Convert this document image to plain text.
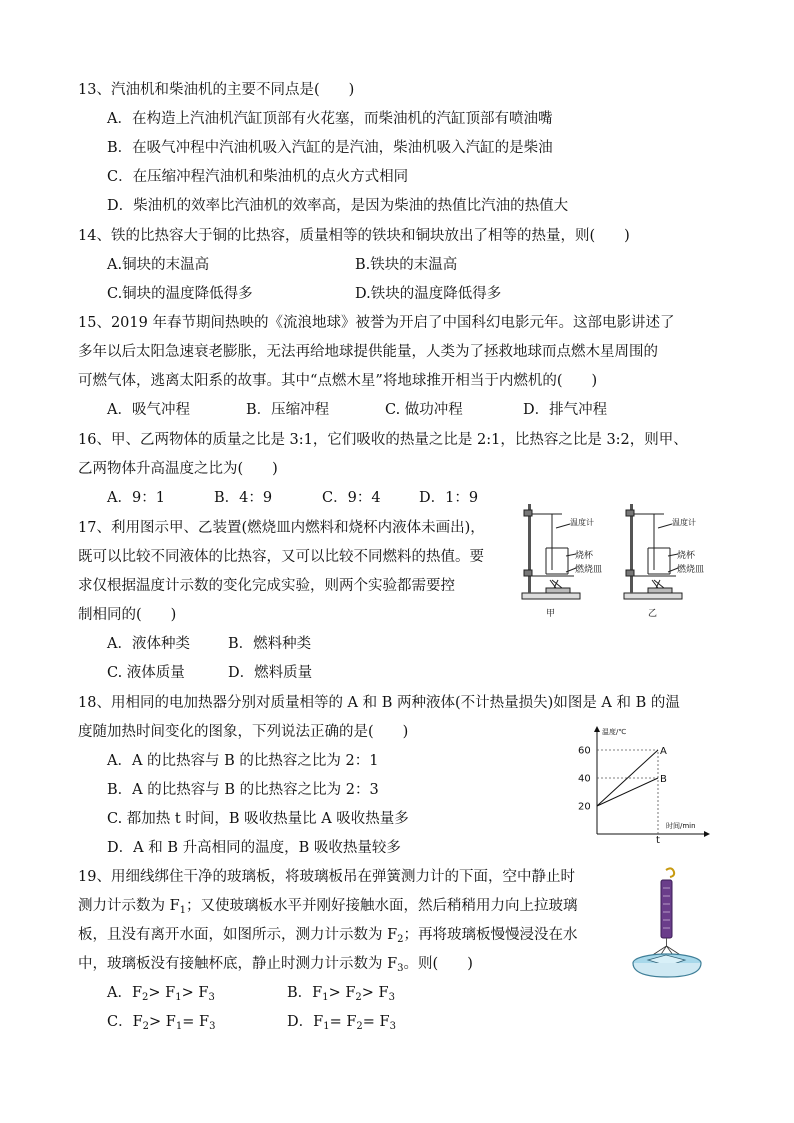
13、汽油机和柴油机的主要不同点是(　　)
A．在构造上汽油机汽缸顶部有火花塞，而柴油机的汽缸顶部有喷油嘴
B．在吸气冲程中汽油机吸入汽缸的是汽油，柴油机吸入汽缸的是柴油
C．在压缩冲程汽油机和柴油机的点火方式相同
D．柴油机的效率比汽油机的效率高，是因为柴油的热值比汽油的热值大
14、铁的比热容大于铜的比热容，质量相等的铁块和铜块放出了相等的热量，则(　　)
A.铜块的末温高	B.铁块的末温高
C.铜块的温度降低得多	D.铁块的温度降低得多
15、2019 年春节期间热映的《流浪地球》被誉为开启了中国科幻电影元年。这部电影讲述了
多年以后太阳急速衰老膨胀，无法再给地球提供能量，人类为了拯救地球而点燃木星周围的
可燃气体，逃离太阳系的故事。其中“点燃木星”将地球推开相当于内燃机的(　　)
A．吸气冲程	B．压缩冲程	C. 做功冲程	D．排气冲程
16、甲、乙两物体的质量之比是 3:1，它们吸收的热量之比是 2:1，比热容之比是 3:2，则甲、
乙两物体升高温度之比为(　　)
A．9：1	B．4：9	C．9：4	D．1：9
17、利用图示甲、乙装置(燃烧皿内燃料和烧杯内液体未画出)，
既可以比较不同液体的比热容，又可以比较不同燃料的热值。要
求仅根据温度计示数的变化完成实验，则两个实验都需要控
制相同的(　　)
A．液体种类	B．燃料种类
C. 液体质量	D．燃料质量
温度计
烧杯
燃烧皿
甲
温度计
烧杯
燃烧皿
乙
18、用相同的电加热器分别对质量相等的 A 和 B 两种液体(不计热量损失)如图是 A 和 B 的温
度随加热时间变化的图象，下列说法正确的是(　　)
A．A 的比热容与 B 的比热容之比为 2：1
B．A 的比热容与 B 的比热容之比为 2：3
C. 都加热 t 时间，B 吸收热量比 A 吸收热量多
D．A 和 B 升高相同的温度，B 吸收热量较多
温度/℃
时间/min
t
20
40
60	A
B
19、用细线绑住干净的玻璃板，将玻璃板吊在弹簧测力计的下面，空中静止时
测力计示数为 $F_1$；又使玻璃板水平并刚好接触水面，然后稍稍用力向上拉玻璃
板，且没有离开水面，如图所示，测力计示数为 $F_2$；再将玻璃板慢慢浸没在水
中，玻璃板没有接触杯底，静止时测力计示数为 $F_3$。则(　　)
A．$F_2> F_1> F_3$	B．$F_1> F_2> F_3$
C．$F_2> F_1= F_3$	D．$F_1= F_2= F_3$
